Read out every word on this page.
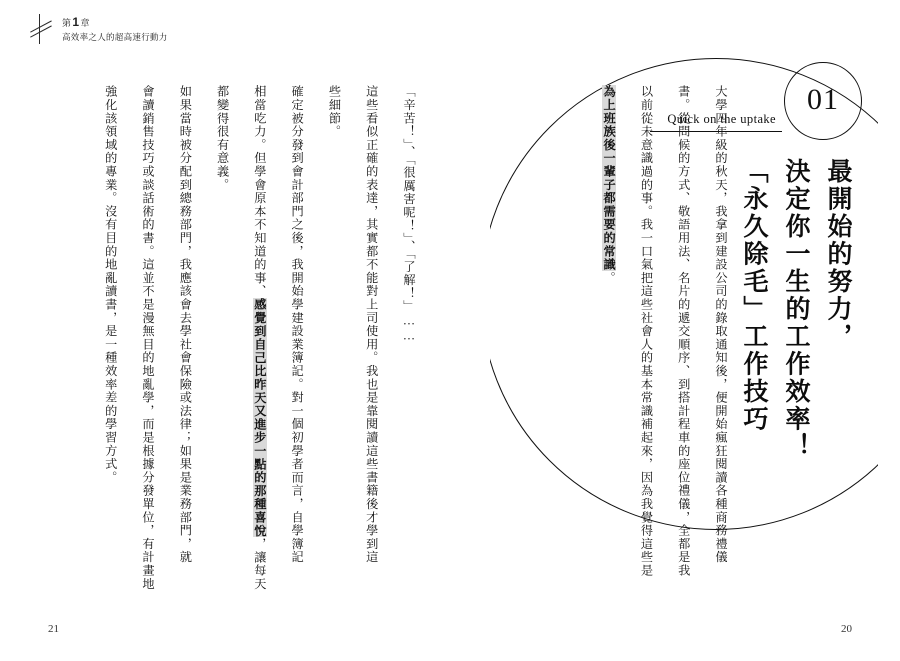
第1章
高效率之人的超高速行動力
「辛苦！」、「很厲害呢！」、「了解！」……
這些看似正確的表達，其實都不能對上司使用。我也是靠閱讀這些書籍後才學到這
些細節。
確定被分發到會計部門之後，我開始學建設業簿記。對一個初學者而言，自學簿記
相當吃力。但學會原本不知道的事、感覺到自己比昨天又進步一點的那種喜悅，讓每天
都變得很有意義。
如果當時被分配到總務部門，我應該會去學社會保險或法律；如果是業務部門，就
會讀銷售技巧或談話術的書。這並不是漫無目的地亂學，而是根據分發單位，有計畫地
強化該領域的專業。沒有目的地亂讀書，是一種效率差的學習方式。
21
01
Quick on the uptake
最開始的努力，
決定你一生的工作效率！
「永久除毛」工作技巧
大學四年級的秋天，我拿到建設公司的錄取通知後，便開始瘋狂閱讀各種商務禮儀
書。從問候的方式、敬語用法、名片的遞交順序、到搭計程車的座位禮儀，全都是我
以前從未意識過的事。我一口氣把這些社會人的基本常識補起來，因為我覺得這些是
為上班族後一輩子都需要的常識。
20
